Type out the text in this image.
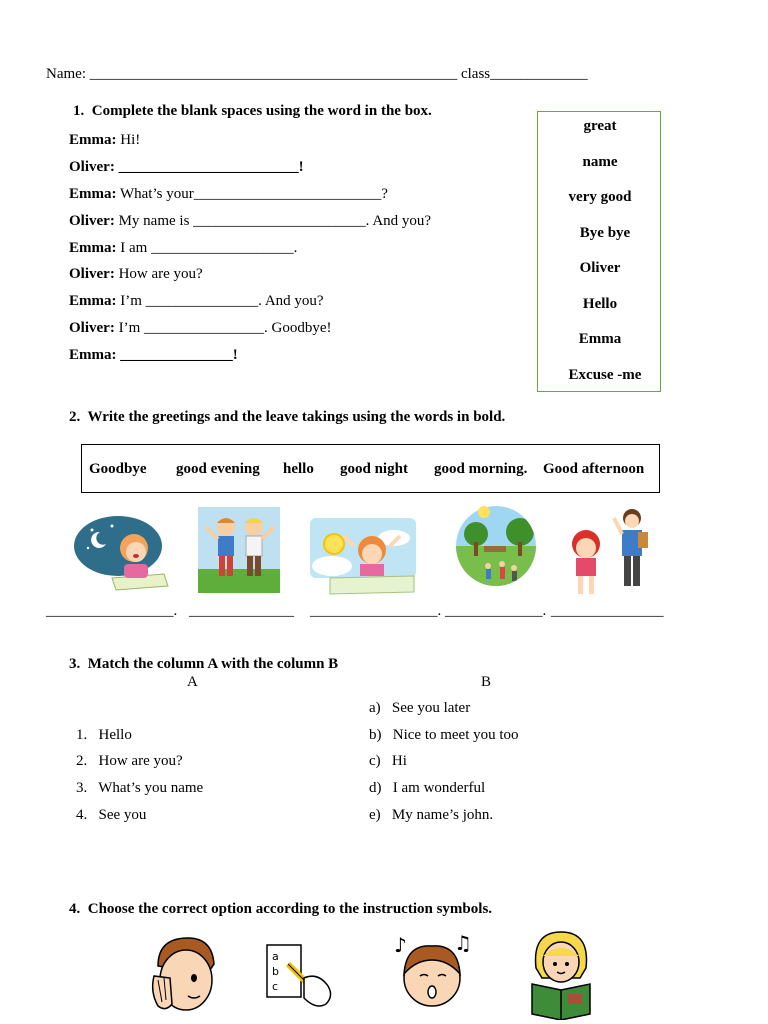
Name: _________________________________________________ class_____________
1. Complete the blank spaces using the word in the box.
Emma: Hi!
Oliver: ________________________!
Emma: What’s your_________________________?
Oliver: My name is _______________________. And you?
Emma: I am ___________________.
Oliver: How are you?
Emma: I’m _______________. And you?
Oliver: I’m ________________. Goodbye!
Emma: _______________!
great
name
very good
Bye bye
Oliver
Hello
Emma
Excuse -me
2. Write the greetings and the leave takings using the words in bold.
Goodbye good evening hello good night good morning. Good afternoon
_________________. ______________ _________________. _____________. _______________
3. Match the column A with the column B
A	B
1. Hello
2. How are you?
3. What’s you name
4. See you
a) See you later
b) Nice to meet you too
c) Hi
d) I am wonderful
e) My name’s john.
4. Choose the correct option according to the instruction symbols.
a
b
c
♪ ♫
